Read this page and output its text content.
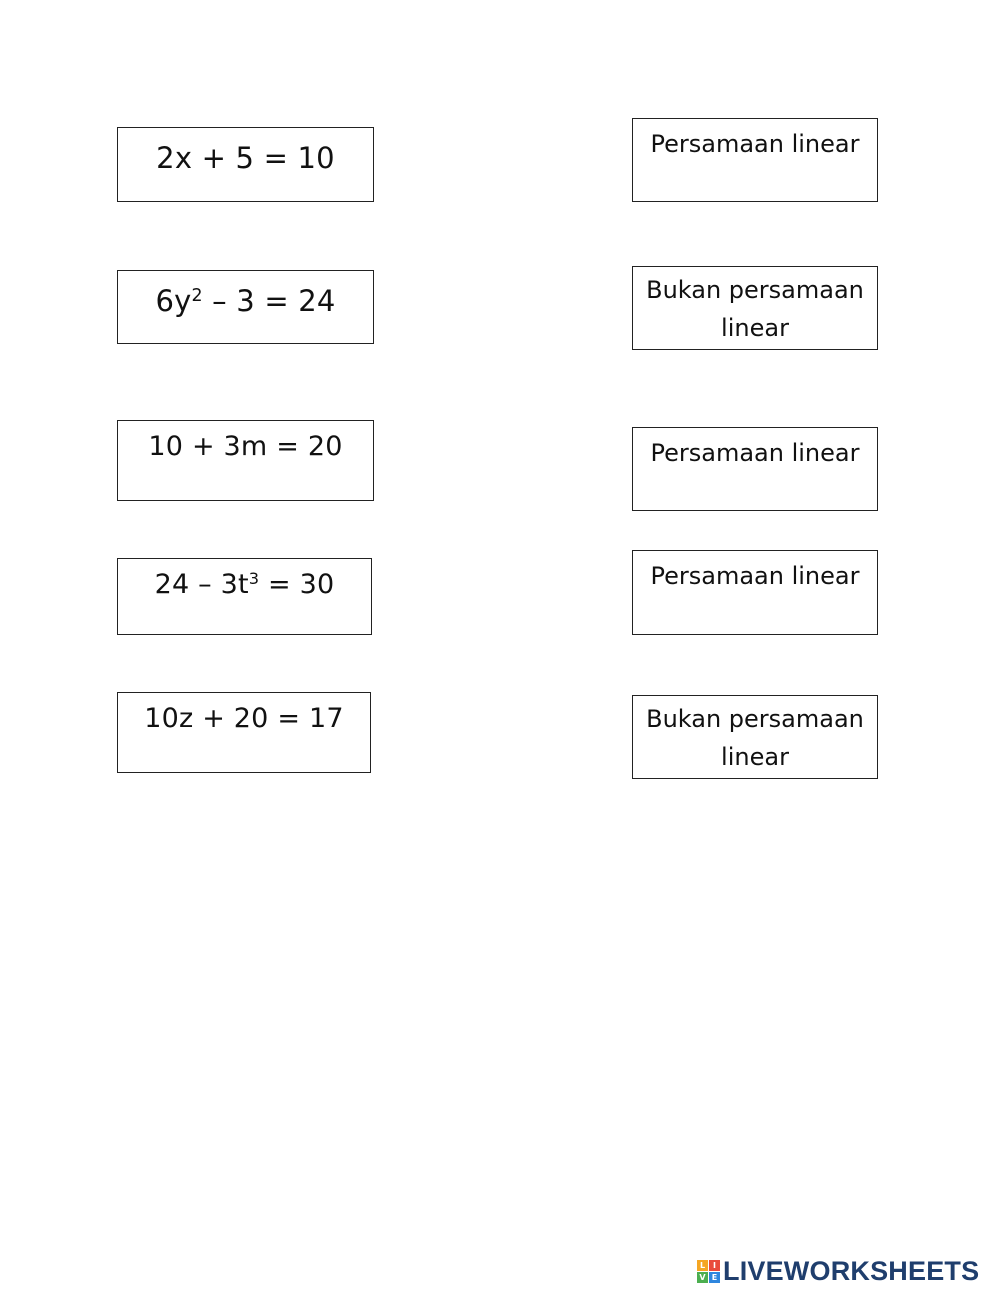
2x + 5 = 10
$6y^2 - 3 = 24$
10 + 3m = 20
$24 - 3t^3 = 30$
10z + 20 = 17
Persamaan linear
Bukan persamaan linear
Persamaan linear
Persamaan linear
Bukan persamaan linear
L I
V E LIVEWORKSHEETS
